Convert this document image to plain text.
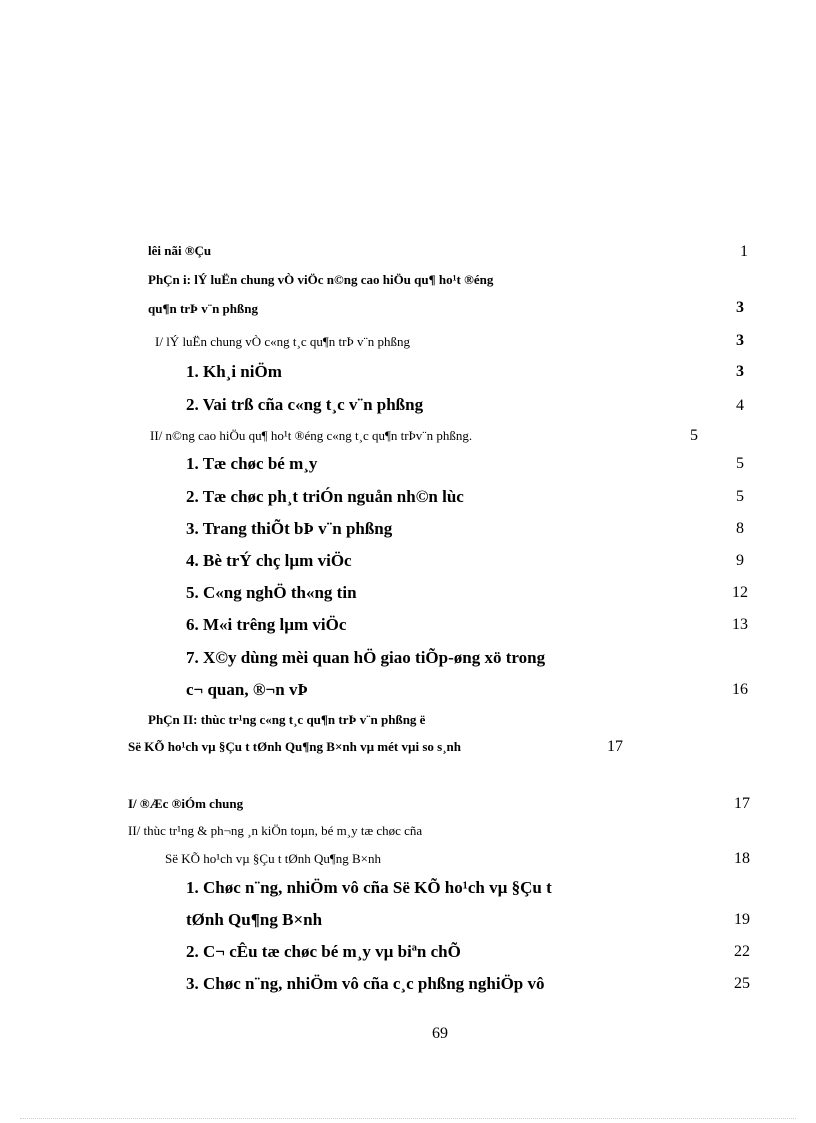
lêi nãi ®Çu	1
PhÇn i: lÝ luËn chung vÒ viÖc n©ng cao hiÖu qu¶ ho¹t ®éng
qu¶n trÞ v¨n phßng	3
I/ lÝ luËn chung vÒ c«ng t¸c qu¶n trÞ v¨n phßng	3
1. Kh¸i niÖm	3
2. Vai trß cña c«ng t¸c v¨n phßng	4
II/ n©ng cao hiÖu qu¶ ho¹t ®éng c«ng t¸c qu¶n trÞv¨n phßng.	5
1. Tæ chøc bé m¸y	5
2. Tæ chøc ph¸t triÓn nguån nh©n lùc	5
3. Trang thiÕt bÞ v¨n phßng	8
4. Bè trÝ chç lµm viÖc	9
5. C«ng nghÖ th«ng tin	12
6. M«i trêng lµm viÖc	13
7. X©y dùng mèi quan hÖ giao tiÕp-øng xö trong
c¬ quan, ®¬n vÞ	16
PhÇn II: thùc tr¹ng c«ng t¸c qu¶n trÞ v¨n phßng ë
Së KÕ ho¹ch vµ §Çu t tØnh Qu¶ng B×nh vµ mét vµi so s¸nh	17
I/ ®Æc ®iÓm chung	17
II/ thùc tr¹ng & ph¬ng ¸n kiÖn toµn, bé m¸y tæ chøc cña
Së KÕ ho¹ch vµ §Çu t tØnh Qu¶ng B×nh	18
1. Chøc n¨ng, nhiÖm vô cña Së KÕ ho¹ch vµ §Çu t
tØnh Qu¶ng B×nh	19
2. C¬ cÊu tæ chøc bé m¸y vµ biªn chÕ	22
3. Chøc n¨ng, nhiÖm vô cña c¸c phßng nghiÖp vô	25
69
